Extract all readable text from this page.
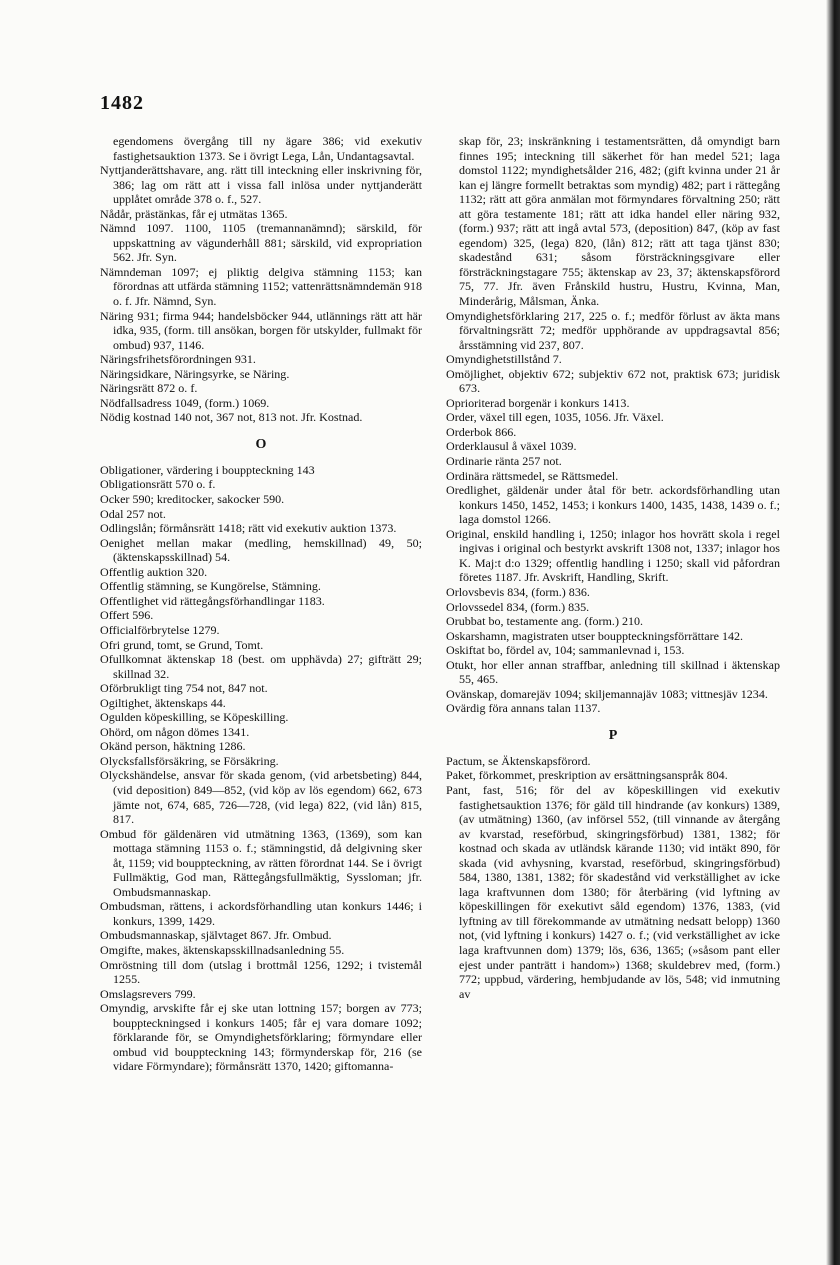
1482
egendomens övergång till ny ägare 386; vid exekutiv fastighetsauktion 1373. Se i övrigt Lega, Lån, Undantagsavtal.
Nyttjanderättshavare, ang. rätt till inteckning eller inskrivning för, 386; lag om rätt att i vissa fall inlösa under nyttjanderätt upplåtet område 378 o. f., 527.
Nådår, prästänkas, får ej utmätas 1365.
Nämnd 1097. 1100, 1105 (tremannanämnd); särskild, för uppskattning av vägunderhåll 881; särskild, vid expropriation 562. Jfr. Syn.
Nämndeman 1097; ej pliktig delgiva stämning 1153; kan förordnas att utfärda stämning 1152; vattenrättsnämndemän 918 o. f. Jfr. Nämnd, Syn.
Näring 931; firma 944; handelsböcker 944, utlännings rätt att här idka, 935, (form. till ansökan, borgen för utskylder, fullmakt för ombud) 937, 1146.
Näringsfrihetsförordningen 931.
Näringsidkare, Näringsyrke, se Näring.
Näringsrätt 872 o. f.
Nödfallsadress 1049, (form.) 1069.
Nödig kostnad 140 not, 367 not, 813 not. Jfr. Kostnad.
O
Obligationer, värdering i bouppteckning 143
Obligationsrätt 570 o. f.
Ocker 590; kreditocker, sakocker 590.
Odal 257 not.
Odlingslån; förmånsrätt 1418; rätt vid exekutiv auktion 1373.
Oenighet mellan makar (medling, hemskillnad) 49, 50; (äktenskapsskillnad) 54.
Offentlig auktion 320.
Offentlig stämning, se Kungörelse, Stämning.
Offentlighet vid rättegångsförhandlingar 1183.
Offert 596.
Officialförbrytelse 1279.
Ofri grund, tomt, se Grund, Tomt.
Ofullkomnat äktenskap 18 (best. om upphävda) 27; gifträtt 29; skillnad 32.
Oförbrukligt ting 754 not, 847 not.
Ogiltighet, äktenskaps 44.
Ogulden köpeskilling, se Köpeskilling.
Ohörd, om någon dömes 1341.
Okänd person, häktning 1286.
Olycksfallsförsäkring, se Försäkring.
Olyckshändelse, ansvar för skada genom, (vid arbetsbeting) 844, (vid deposition) 849—852, (vid köp av lös egendom) 662, 673 jämte not, 674, 685, 726—728, (vid lega) 822, (vid lån) 815, 817.
Ombud för gäldenären vid utmätning 1363, (1369), som kan mottaga stämning 1153 o. f.; stämningstid, då delgivning sker åt, 1159; vid bouppteckning, av rätten förordnat 144. Se i övrigt Fullmäktig, God man, Rättegångsfullmäktig, Syssloman; jfr. Ombudsmannaskap.
Ombudsman, rättens, i ackordsförhandling utan konkurs 1446; i konkurs, 1399, 1429.
Ombudsmannaskap, självtaget 867. Jfr. Ombud.
Omgifte, makes, äktenskapsskillnadsanledning 55.
Omröstning till dom (utslag i brottmål 1256, 1292; i tvistemål 1255.
Omslagsrevers 799.
Omyndig, arvskifte får ej ske utan lottning 157; borgen av 773; bouppteckningsed i konkurs 1405; får ej vara domare 1092; förklarande för, se Omyndighetsförklaring; förmyndare eller ombud vid bouppteckning 143; förmynderskap för, 216 (se vidare Förmyndare); förmånsrätt 1370, 1420; giftomanna-
skap för, 23; inskränkning i testamentsrätten, då omyndigt barn finnes 195; inteckning till säkerhet för han medel 521; laga domstol 1122; myndighetsålder 216, 482; (gift kvinna under 21 år kan ej längre formellt betraktas som myndig) 482; part i rättegång 1132; rätt att göra anmälan mot förmyndares förvaltning 250; rätt att göra testamente 181; rätt att idka handel eller näring 932, (form.) 937; rätt att ingå avtal 573, (deposition) 847, (köp av fast egendom) 325, (lega) 820, (lån) 812; rätt att taga tjänst 830; skadestånd 631; såsom försträckningsgivare eller försträckningstagare 755; äktenskap av 23, 37; äktenskapsförord 75, 77. Jfr. även Frånskild hustru, Hustru, Kvinna, Man, Minderårig, Målsman, Änka.
Omyndighetsförklaring 217, 225 o. f.; medför förlust av äkta mans förvaltningsrätt 72; medför upphörande av uppdragsavtal 856; årsstämning vid 237, 807.
Omyndighetstillstånd 7.
Omöjlighet, objektiv 672; subjektiv 672 not, praktisk 673; juridisk 673.
Oprioriterad borgenär i konkurs 1413.
Order, växel till egen, 1035, 1056. Jfr. Växel.
Orderbok 866.
Orderklausul å växel 1039.
Ordinarie ränta 257 not.
Ordinära rättsmedel, se Rättsmedel.
Oredlighet, gäldenär under åtal för betr. ackordsförhandling utan konkurs 1450, 1452, 1453; i konkurs 1400, 1435, 1438, 1439 o. f.; laga domstol 1266.
Original, enskild handling i, 1250; inlagor hos hovrätt skola i regel ingivas i original och bestyrkt avskrift 1308 not, 1337; inlagor hos K. Maj:t d:o 1329; offentlig handling i 1250; skall vid påfordran företes 1187. Jfr. Avskrift, Handling, Skrift.
Orlovsbevis 834, (form.) 836.
Orlovssedel 834, (form.) 835.
Orubbat bo, testamente ang. (form.) 210.
Oskarshamn, magistraten utser bouppteckningsförrättare 142.
Oskiftat bo, fördel av, 104; sammanlevnad i, 153.
Otukt, hor eller annan straffbar, anledning till skillnad i äktenskap 55, 465.
Ovänskap, domarejäv 1094; skiljemannajäv 1083; vittnesjäv 1234.
Ovärdig föra annans talan 1137.
P
Pactum, se Äktenskapsförord.
Paket, förkommet, preskription av ersättningsanspråk 804.
Pant, fast, 516; för del av köpeskillingen vid exekutiv fastighetsauktion 1376; för gäld till hindrande (av konkurs) 1389, (av utmätning) 1360, (av införsel 552, (till vinnande av återgång av kvarstad, reseförbud, skingringsförbud) 1381, 1382; för kostnad och skada av utländsk kärande 1130; vid intäkt 890, för skada (vid avhysning, kvarstad, reseförbud, skingringsförbud) 584, 1380, 1381, 1382; för skadestånd vid verkställighet av icke laga kraftvunnen dom 1380; för återbäring (vid lyftning av köpeskillingen för exekutivt såld egendom) 1376, 1383, (vid lyftning av till förekommande av utmätning nedsatt belopp) 1360 not, (vid lyftning i konkurs) 1427 o. f.; (vid verkställighet av icke laga kraftvunnen dom) 1379; lös, 636, 1365; (»såsom pant eller ejest under panträtt i handom») 1368; skuldebrev med, (form.) 772; uppbud, värdering, hembjudande av lös, 548; vid inmutning av
